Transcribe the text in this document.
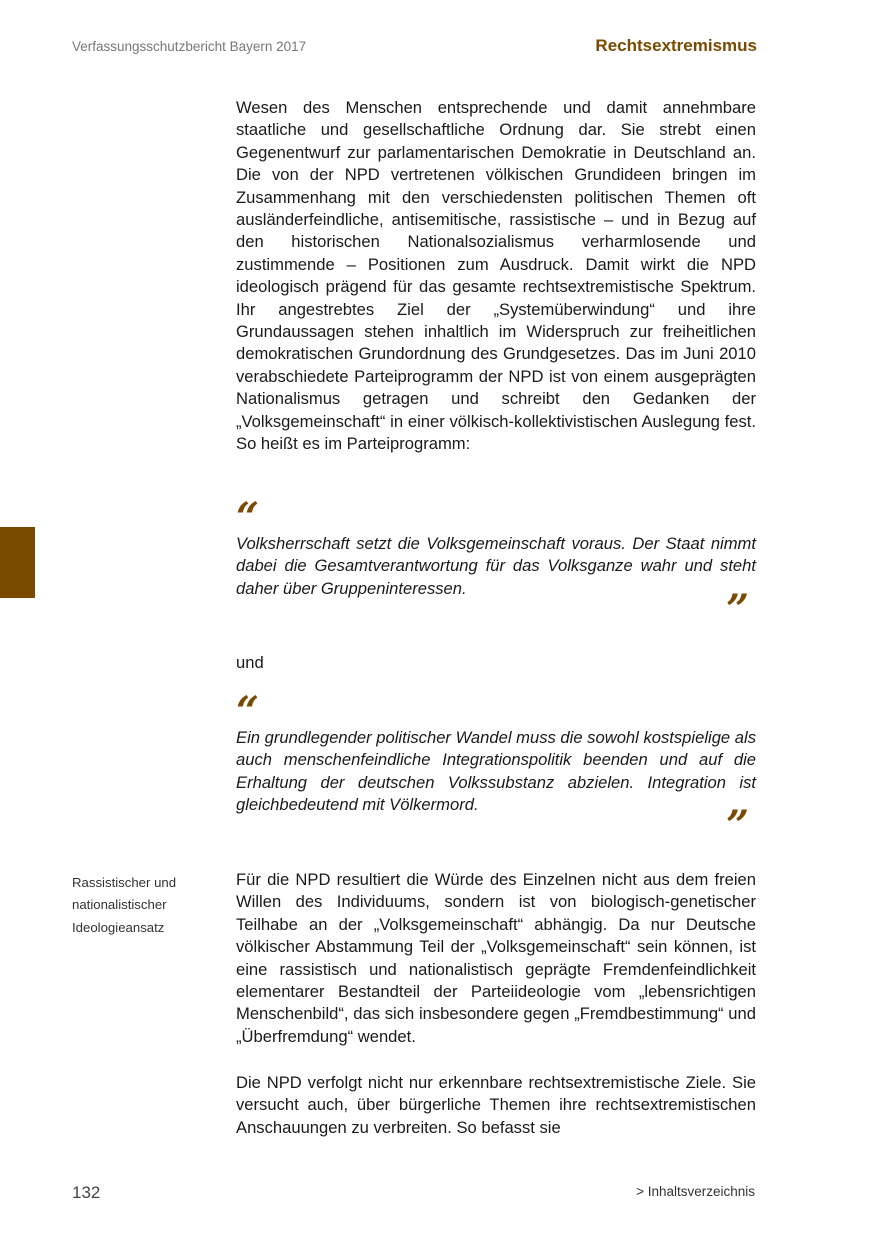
Verfassungsschutzbericht Bayern 2017	Rechtsextremismus

Wesen des Menschen entsprechende und damit annehmbare staatliche und gesellschaftliche Ordnung dar. Sie strebt einen Gegenentwurf zur parlamentarischen Demokratie in Deutschland an. Die von der NPD vertretenen völkischen Grundideen bringen im Zusammenhang mit den verschiedensten politischen Themen oft ausländerfeindliche, antisemitische, rassistische – und in Bezug auf den historischen Nationalsozialismus verharmlosende und zustimmende – Positionen zum Ausdruck. Damit wirkt die NPD ideologisch prägend für das gesamte rechtsextremistische Spektrum. Ihr angestrebtes Ziel der „Systemüberwindung“ und ihre Grundaussagen stehen inhaltlich im Widerspruch zur freiheitlichen demokratischen Grundordnung des Grundgesetzes. Das im Juni 2010 verabschiedete Parteiprogramm der NPD ist von einem ausgeprägten Nationalismus getragen und schreibt den Gedanken der „Volksgemeinschaft“ in einer völkisch-kollektivistischen Auslegung fest. So heißt es im Parteiprogramm:

“

Volksherrschaft setzt die Volksgemeinschaft voraus. Der Staat nimmt dabei die Gesamtverantwortung für das Volksganze wahr und steht daher über Gruppeninteressen.	”

und

“

Ein grundlegender politischer Wandel muss die sowohl kostspielige als auch menschenfeindliche Integrationspolitik beenden und auf die Erhaltung der deutschen Volkssubstanz abzielen. Integration ist gleichbedeutend mit Völkermord.	”
Rassistischer und
nationalistischer
Ideologieansatz

Für die NPD resultiert die Würde des Einzelnen nicht aus dem freien Willen des Individuums, sondern ist von biologisch-genetischer Teilhabe an der „Volksgemeinschaft“ abhängig. Da nur Deutsche völkischer Abstammung Teil der „Volksgemeinschaft“ sein können, ist eine rassistisch und nationalistisch geprägte Fremdenfeindlichkeit elementarer Bestandteil der Parteiideologie vom „lebensrichtigen Menschenbild“, das sich insbesondere gegen „Fremdbestimmung“ und „Überfremdung“ wendet.

Die NPD verfolgt nicht nur erkennbare rechtsextremistische Ziele. Sie versucht auch, über bürgerliche Themen ihre rechtsextremistischen Anschauungen zu verbreiten. So befasst sie

132	> Inhaltsverzeichnis
